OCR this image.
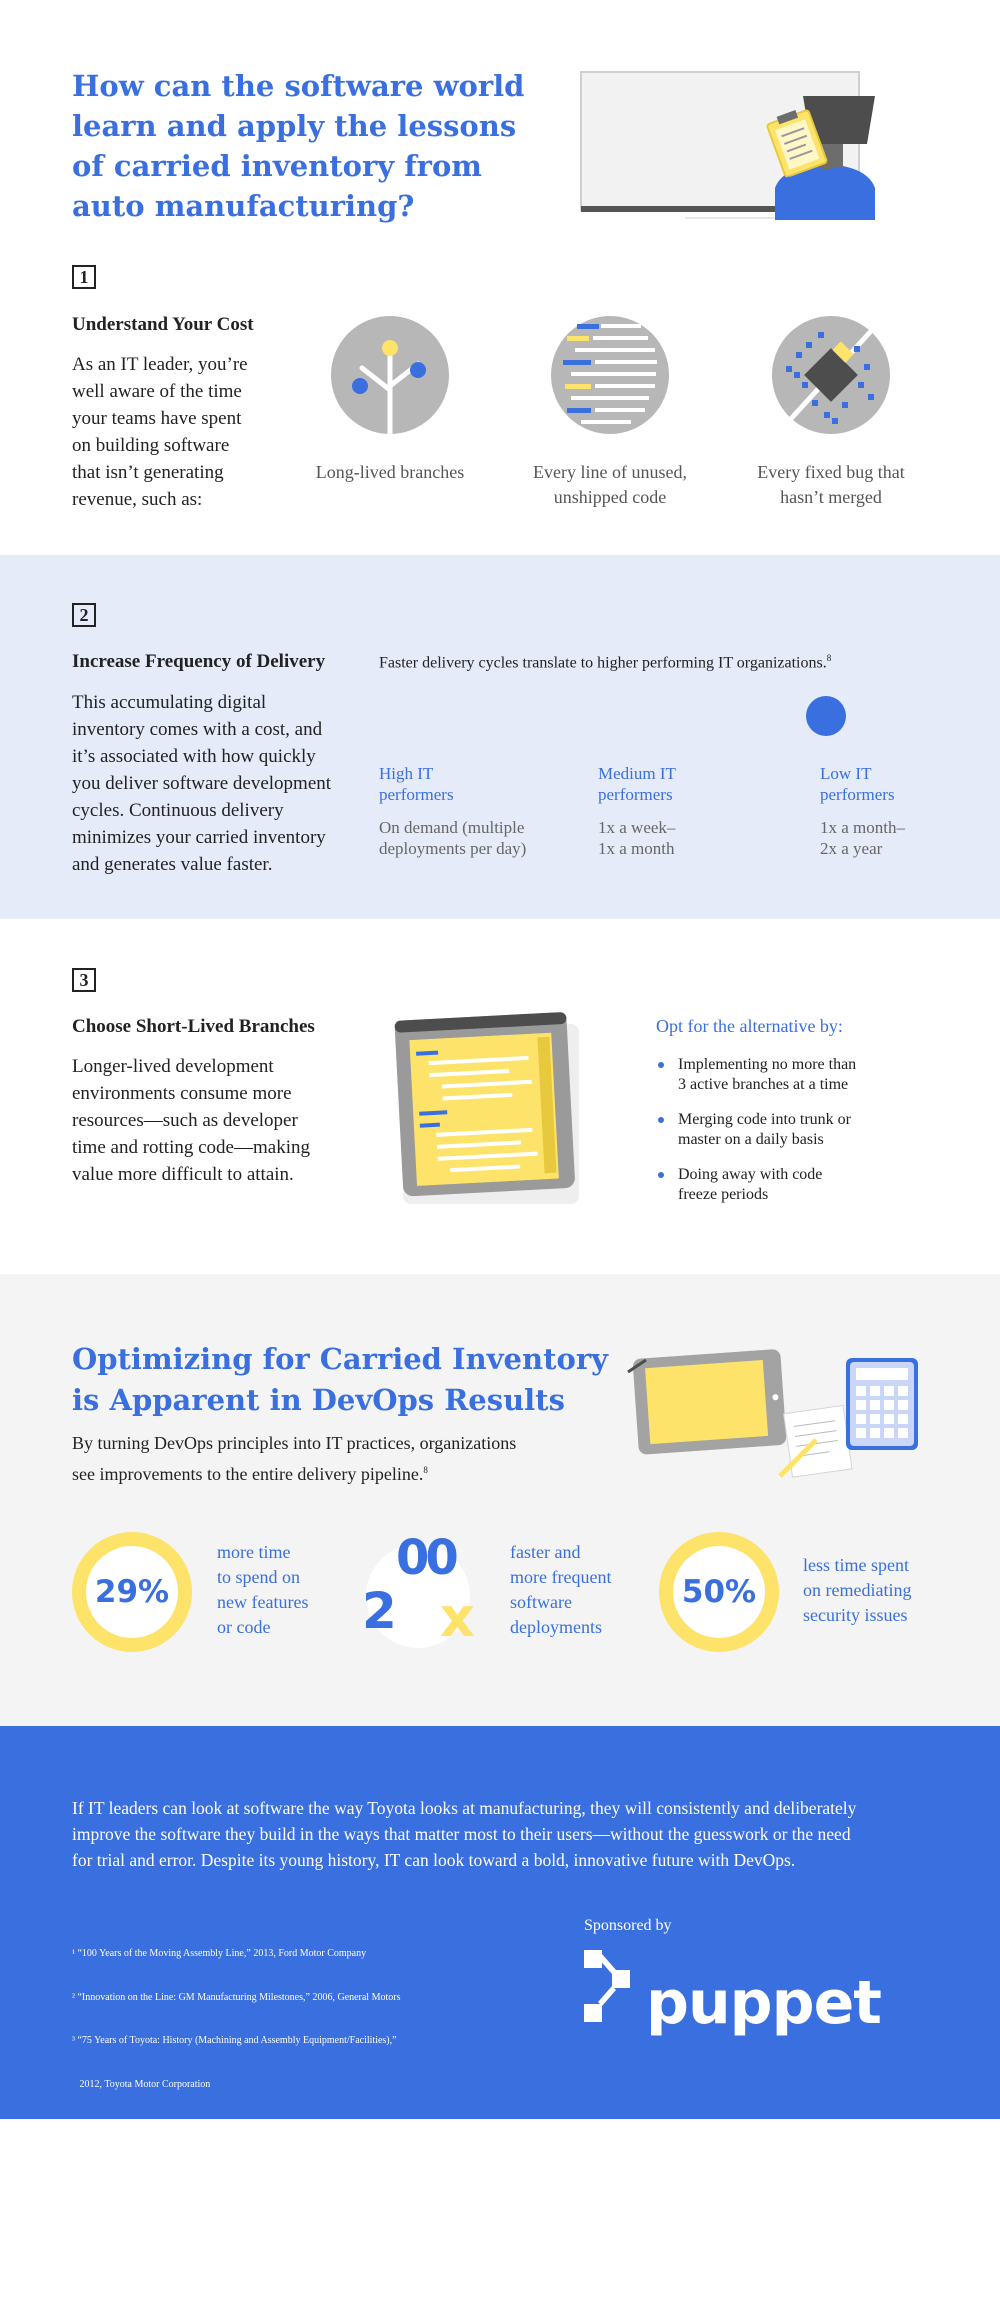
How can the software world
learn and apply the lessons
of carried inventory from
auto manufacturing?
1
Understand Your Cost
As an IT leader, you’re
well aware of the time
your teams have spent
on building software
that isn’t generating
revenue, such as:
Long-lived branches	Every line of unused,
unshipped code
Every fixed bug that
hasn’t merged
2
Increase Frequency of Delivery
This accumulating digital
inventory comes with a cost, and
it’s associated with how quickly
you deliver software development
cycles. Continuous delivery
minimizes your carried inventory
and generates value faster.
Faster delivery cycles translate to higher performing IT organizations.$^8$
High IT
performers
On demand (multiple
deployments per day)
Medium IT
performers
1x a week–
1x a month
Low IT
performers
1x a month–
2x a year
3
Choose Short-Lived Branches
Longer-lived development
environments consume more
resources—such as developer
time and rotting code—making
value more difficult to attain.
Opt for the alternative by:
Implementing no more than
3 active branches at a time
Merging code into trunk or
master on a daily basis
Doing away with code
freeze periods
Optimizing for Carried Inventory
is Apparent in DevOps Results
By turning DevOps principles into IT practices, organizations
see improvements to the entire delivery pipeline.$^8$
29%
more time
to spend on
new features
or code	2
00
x
faster and
more frequent
software
deployments
50%
less time spent
on remediating
security issues
If IT leaders can look at software the way Toyota looks at manufacturing, they will consistently and deliberately
improve the software they build in the ways that matter most to their users—without the guesswork or the need
for trial and error. Despite its young history, IT can look toward a bold, innovative future with DevOps.

¹ “100 Years of the Moving Assembly Line,” 2013, Ford Motor Company

² “Innovation on the Line: GM Manufacturing Milestones,” 2006, General Motors

³ “75 Years of Toyota: History (Machining and Assembly Equipment/Facilities),”

2012, Toyota Motor Corporation

⁴ “How to Design and Build a £100,000 Sports Car,” 2013, ThisIsMoney.co.uk

⁵ “Automotive Manager,” 2009, Oliver Wyman

⁶ “Managing the Development of Large Software Systems,” 1970, Winston W. Royce

⁷ “75 Years of Toyota: Item 5,” 2012, Toyota Motor Corporation

⁸ “State of DevOps Report,” 2016, Puppet

Sponsored by
puppet
